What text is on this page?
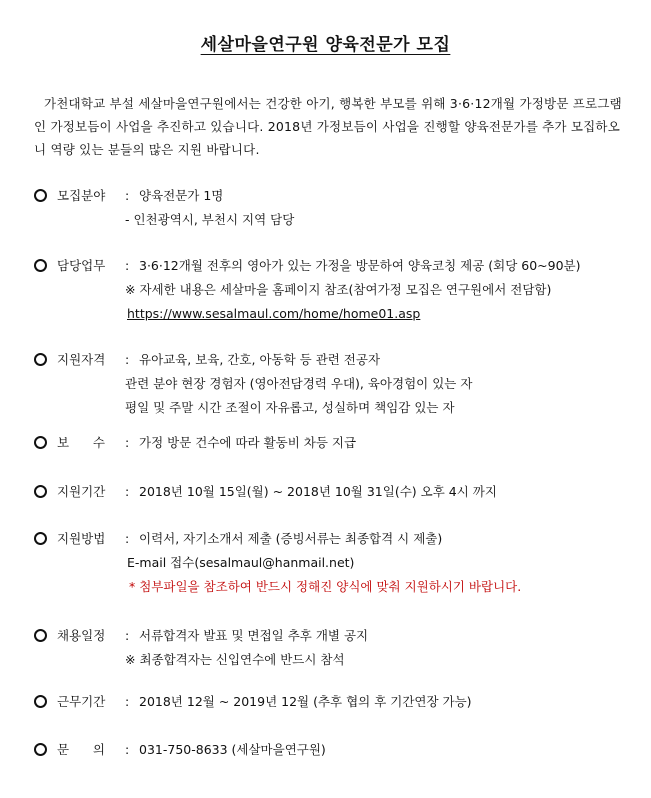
세살마을연구원 양육전문가 모집
가천대학교 부설 세살마을연구원에서는 건강한 아기, 행복한 부모를 위해 3·6·12개월 가정방문 프로그램인 가정보듬이 사업을 추진하고 있습니다. 2018년 가정보듬이 사업을 진행할 양육전문가를 추가 모집하오니 역량 있는 분들의 많은 지원 바랍니다.
모집분야	: 양육전문가 1명
- 인천광역시, 부천시 지역 담당
담당업무	: 3·6·12개월 전후의 영아가 있는 가정을 방문하여 양육코칭 제공 (회당 60~90분)
※ 자세한 내용은 세살마을 홈페이지 참조(참여가정 모집은 연구원에서 전담함)
https://www.sesalmaul.com/home/home01.asp
지원자격	: 유아교육, 보육, 간호, 아동학 등 관련 전공자
관련 분야 현장 경험자 (영아전담경력 우대), 육아경험이 있는 자
평일 및 주말 시간 조절이 자유롭고, 성실하며 책임감 있는 자
보      수	: 가정 방문 건수에 따라 활동비 차등 지급
지원기간	: 2018년 10월 15일(월) ~ 2018년 10월 31일(수) 오후 4시 까지
지원방법	: 이력서, 자기소개서 제출 (증빙서류는 최종합격 시 제출)
E-mail 접수(sesalmaul@hanmail.net)
* 첨부파일을 참조하여 반드시 정해진 양식에 맞춰 지원하시기 바랍니다.
채용일정	: 서류합격자 발표 및 면접일 추후 개별 공지
※ 최종합격자는 신입연수에 반드시 참석
근무기간	: 2018년 12월 ~ 2019년 12월 (추후 협의 후 기간연장 가능)
문      의	: 031-750-8633 (세살마을연구원)
